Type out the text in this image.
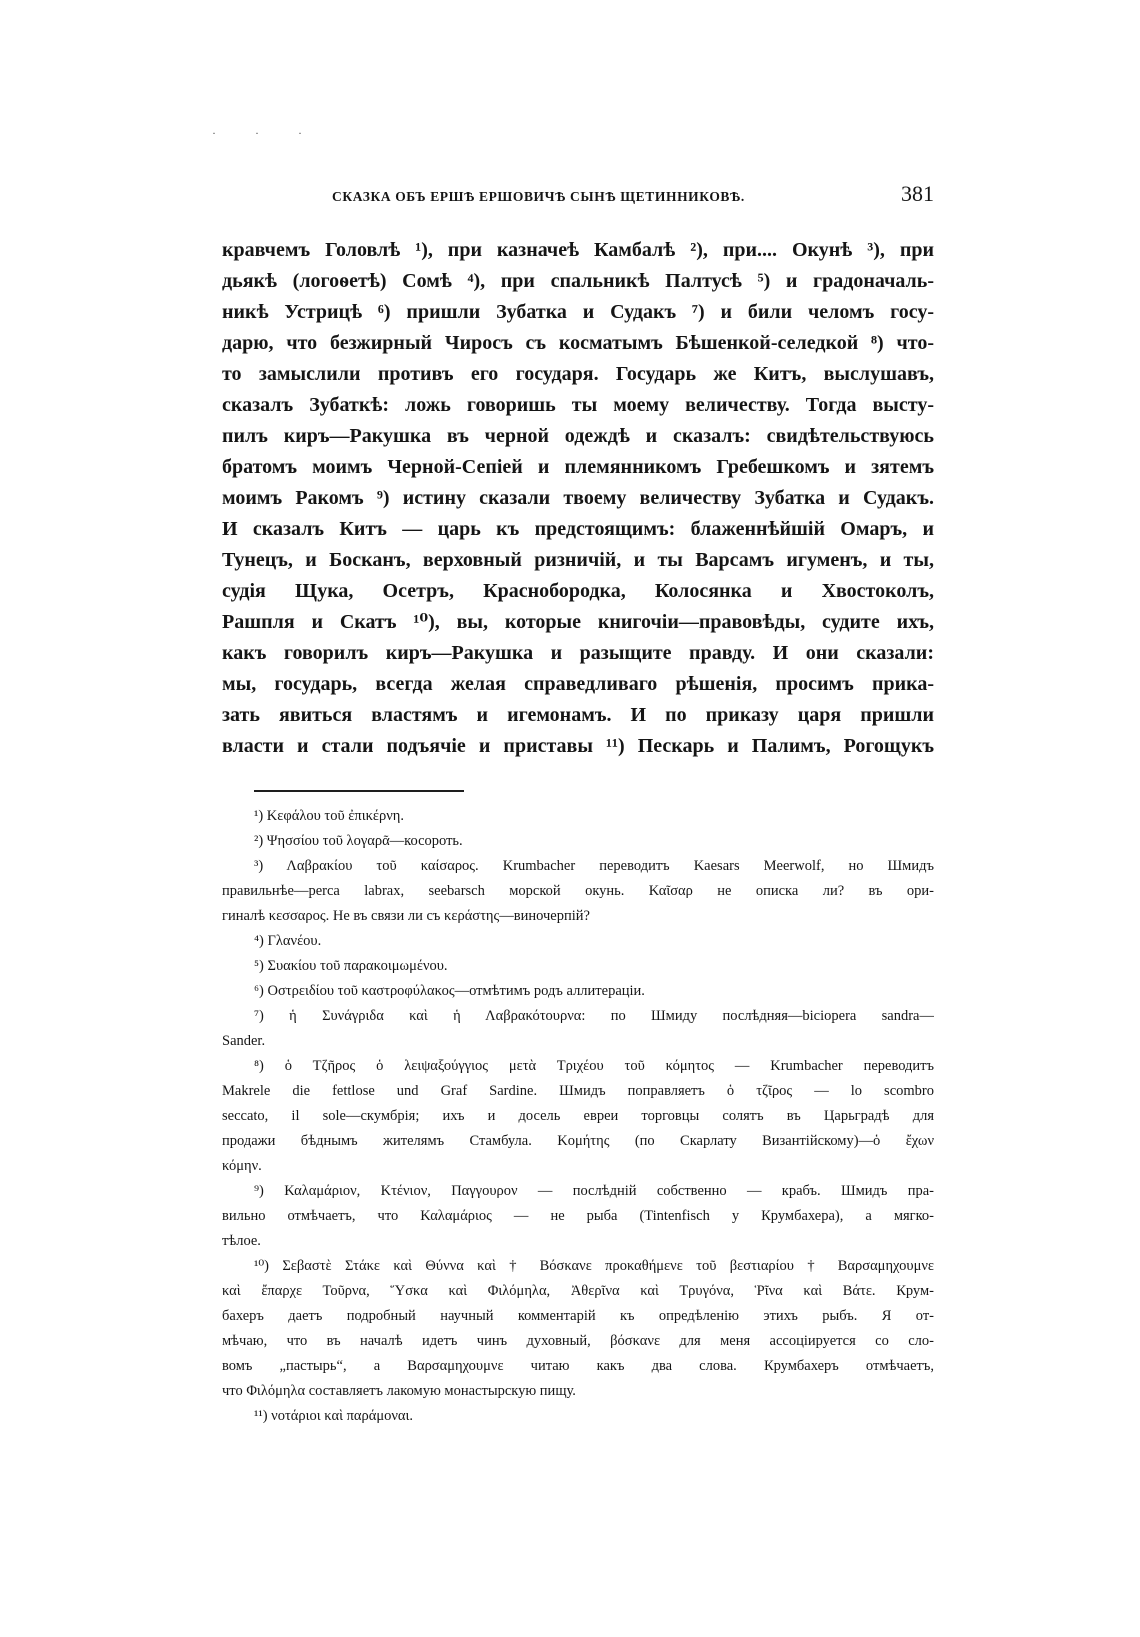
· · ·
СКАЗКА ОБЪ ЕРШѢ ЕРШОВИЧѢ СЫНѢ ЩЕТИННИКОВѢ.	381
кравчемъ Головлѣ ¹), при казначеѣ Камбалѣ ²), при.... Окунѣ ³), при
дьякѣ (логоѳетѣ) Сомѣ ⁴), при спальникѣ Палтусѣ ⁵) и градоначаль-
никѣ Устрицѣ ⁶) пришли Зубатка и Судакъ ⁷) и били челомъ госу-
дарю, что безжирный Чиросъ съ косматымъ Бѣшенкой-селедкой ⁸) что-
то замыслили противъ его государя. Государь же Китъ, выслушавъ,
сказалъ Зубаткѣ: ложь говоришь ты моему величеству. Тогда высту-
пилъ киръ—Ракушка въ черной одеждѣ и сказалъ: свидѣтельствуюсь
братомъ моимъ Черной-Сепіей и племянникомъ Гребешкомъ и зятемъ
моимъ Ракомъ ⁹) истину сказали твоему величеству Зубатка и Судакъ.
И сказалъ Китъ — царь къ предстоящимъ: блаженнѣйшій Омаръ, и
Тунецъ, и Босканъ, верховный ризничій, и ты Варсамъ игуменъ, и ты,
судія Щука, Осетръ, Краснобородка, Колосянка и Хвостоколъ,
Рашпля и Скатъ ¹⁰), вы, которые книгочіи—правовѣды, судите ихъ,
какъ говорилъ киръ—Ракушка и разыщите правду. И они сказали:
мы, государь, всегда желая справедливаго рѣшенія, просимъ прика-
зать явиться властямъ и игемонамъ. И по приказу царя пришли
власти и стали подъячіе и приставы ¹¹) Пескарь и Палимъ, Рогощукъ
¹) Κεφάλου τοῦ ἐπικέρνη.
²) Ψησσίου τοῦ λογαρᾶ—косороть.
³) Λαβρακίου τοῦ καίσαρος. Krumbacher переводитъ Kaesars Meerwolf, но Шмидъ
правильнѣе—perca labrax, seebarsch морской окунь. Καῖσαρ не описка ли? въ ори-
гиналѣ κεσσαρος. Не въ связи ли съ κεράστης—виночерпій?
⁴) Γλανέου.
⁵) Συακίου τοῦ παρακοιμωμένου.
⁶) Οστρειδίου τοῦ καστροφύλακος—отмѣтимъ родъ аллитераціи.
⁷) ἡ Συνάγριδα καὶ ἡ Λαβρακότουρνα: по Шмиду послѣдняя—biciopera sandra—
Sander.
⁸) ὁ Τζῆρος ὁ λειψαξούγγιος μετὰ Τριχέου τοῦ κόμητος — Krumbacher переводитъ
Makrele die fettlose und Graf Sardine. Шмидъ поправляетъ ὁ τζῖρος — lo scombro
seccato, il sole—скумбрія; ихъ и досель евреи торговцы солятъ въ Царьградѣ для
продажи бѣднымъ жителямъ Стамбула. Κομήτης (по Скарлату Византійскому)—ὁ ἔχων
κόμην.
⁹) Καλαμάριον, Κτένιον, Παγγουρον — послѣдній собственно — крабъ. Шмидъ пра-
вильно отмѣчаетъ, что Καλαμάριος — не рыба (Tintenfisch у Крумбахера), а мягко-
тѣлое.
¹⁰) Σεβαστὲ Στάκε καὶ Θύννα καὶ † Βόσκανε προκαθήμενε τοῦ βεστιαρίου † Βαρσαμηχουμνε
καὶ ἔπαρχε Τοῦρνα, Ὕσκα καὶ Φιλόμηλα, Ἀθερῖνα καὶ Τρυγόνα, Ῥῖνα καὶ Βάτε. Крум-
бахеръ даетъ подробный научный комментарій къ опредѣленію этихъ рыбъ. Я от-
мѣчаю, что въ началѣ идетъ чинъ духовный, βόσκανε для меня ассоціируется со сло-
вомъ „пастырь“, а Βαρσαμηχουμνε читаю какъ два слова. Крумбахеръ отмѣчаетъ,
что Φιλόμηλα составляетъ лакомую монастырскую пищу.
¹¹) νοτάριοι καὶ παράμοναι.
